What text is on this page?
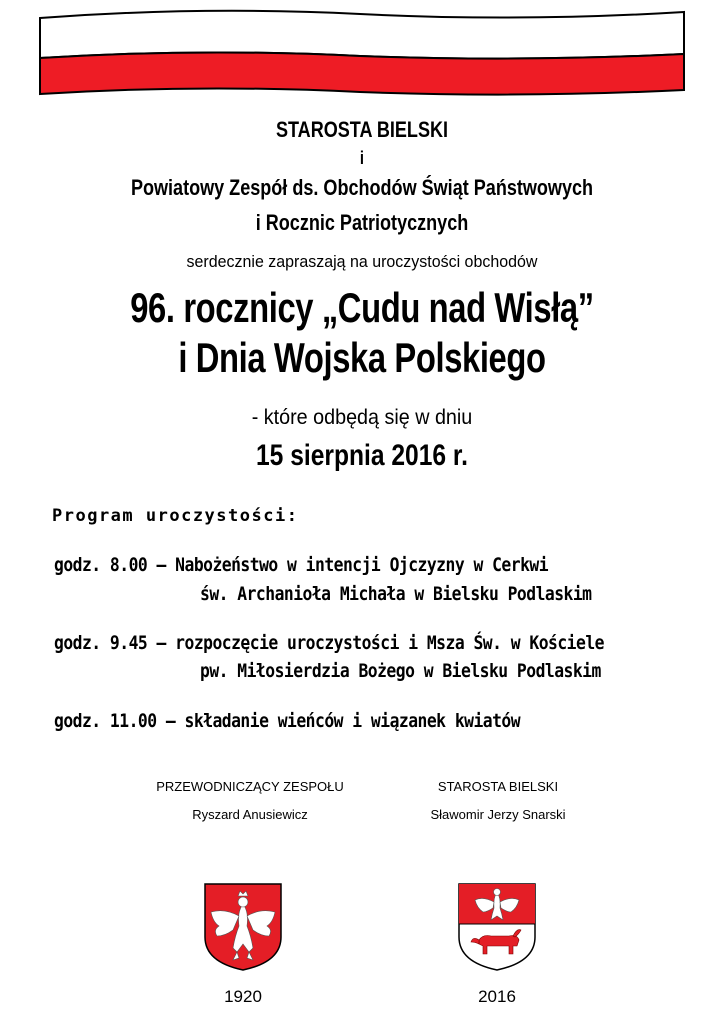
STAROSTA BIELSKI
i
Powiatowy Zespół ds. Obchodów Świąt Państwowych
i Rocznic Patriotycznych
serdecznie zapraszają na uroczystości obchodów
96. rocznicy „Cudu nad Wisłą”
i Dnia Wojska Polskiego
- które odbędą się w dniu
15 sierpnia 2016 r.
Program uroczystości:
godz. 8.00 – Nabożeństwo w intencji Ojczyzny w Cerkwi
św. Archanioła Michała w Bielsku Podlaskim
godz. 9.45 – rozpoczęcie uroczystości i Msza Św. w Kościele
pw. Miłosierdzia Bożego w Bielsku Podlaskim
godz. 11.00 – składanie wieńców i wiązanek kwiatów
PRZEWODNICZĄCY ZESPOŁU
Ryszard Anusiewicz
STAROSTA BIELSKI
Sławomir Jerzy Snarski
1920	2016
